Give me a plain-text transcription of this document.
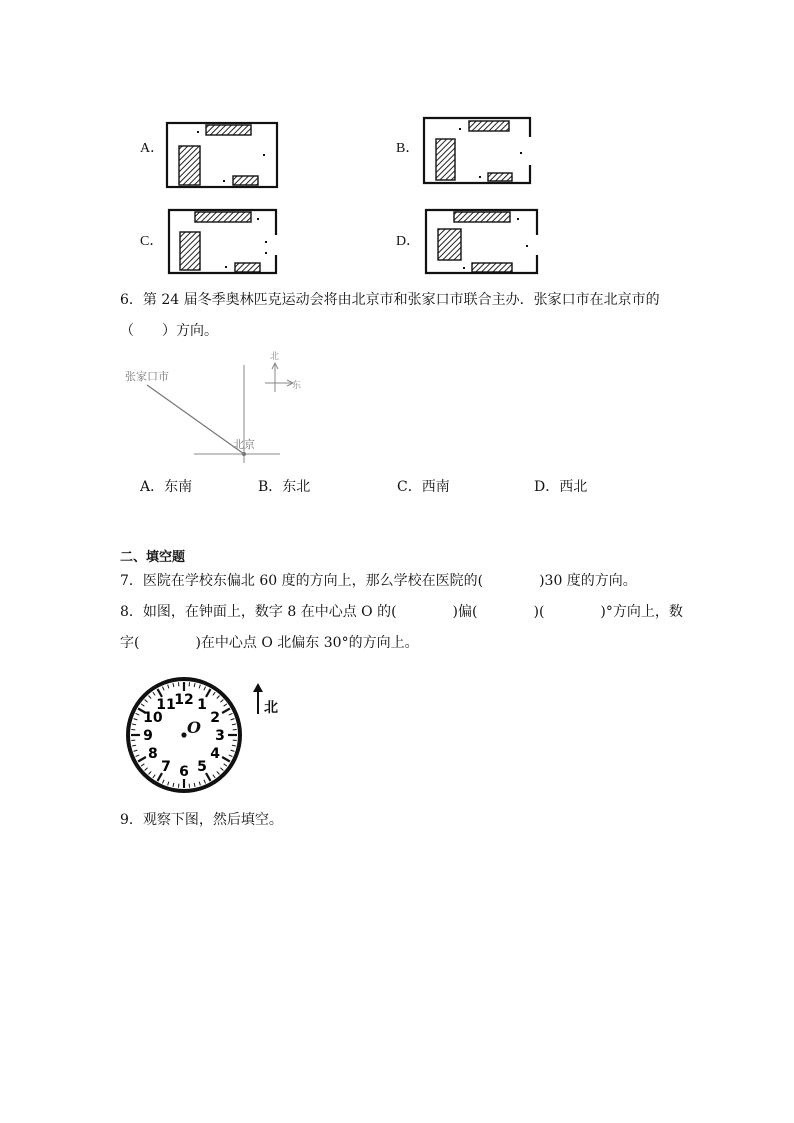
A．	B．
C．	D．
6．第 24 届冬季奥林匹克运动会将由北京市和张家口市联合主办．张家口市在北京市的
（　　）方向。
张家口市
北京
北
东
A．东南	B．东北	C．西南	D．西北
二、填空题
7．医院在学校东偏北 60 度的方向上，那么学校在医院的(　　　　)30 度的方向。
8．如图，在钟面上，数字 8 在中心点 O 的(　　　　)偏(　　　　)(　　　　)°方向上，数
字(　　　　)在中心点 O 北偏东 30°的方向上。
12 1
2
3
4
5
6
7
8
9
10
11
O
北
9．观察下图，然后填空。
